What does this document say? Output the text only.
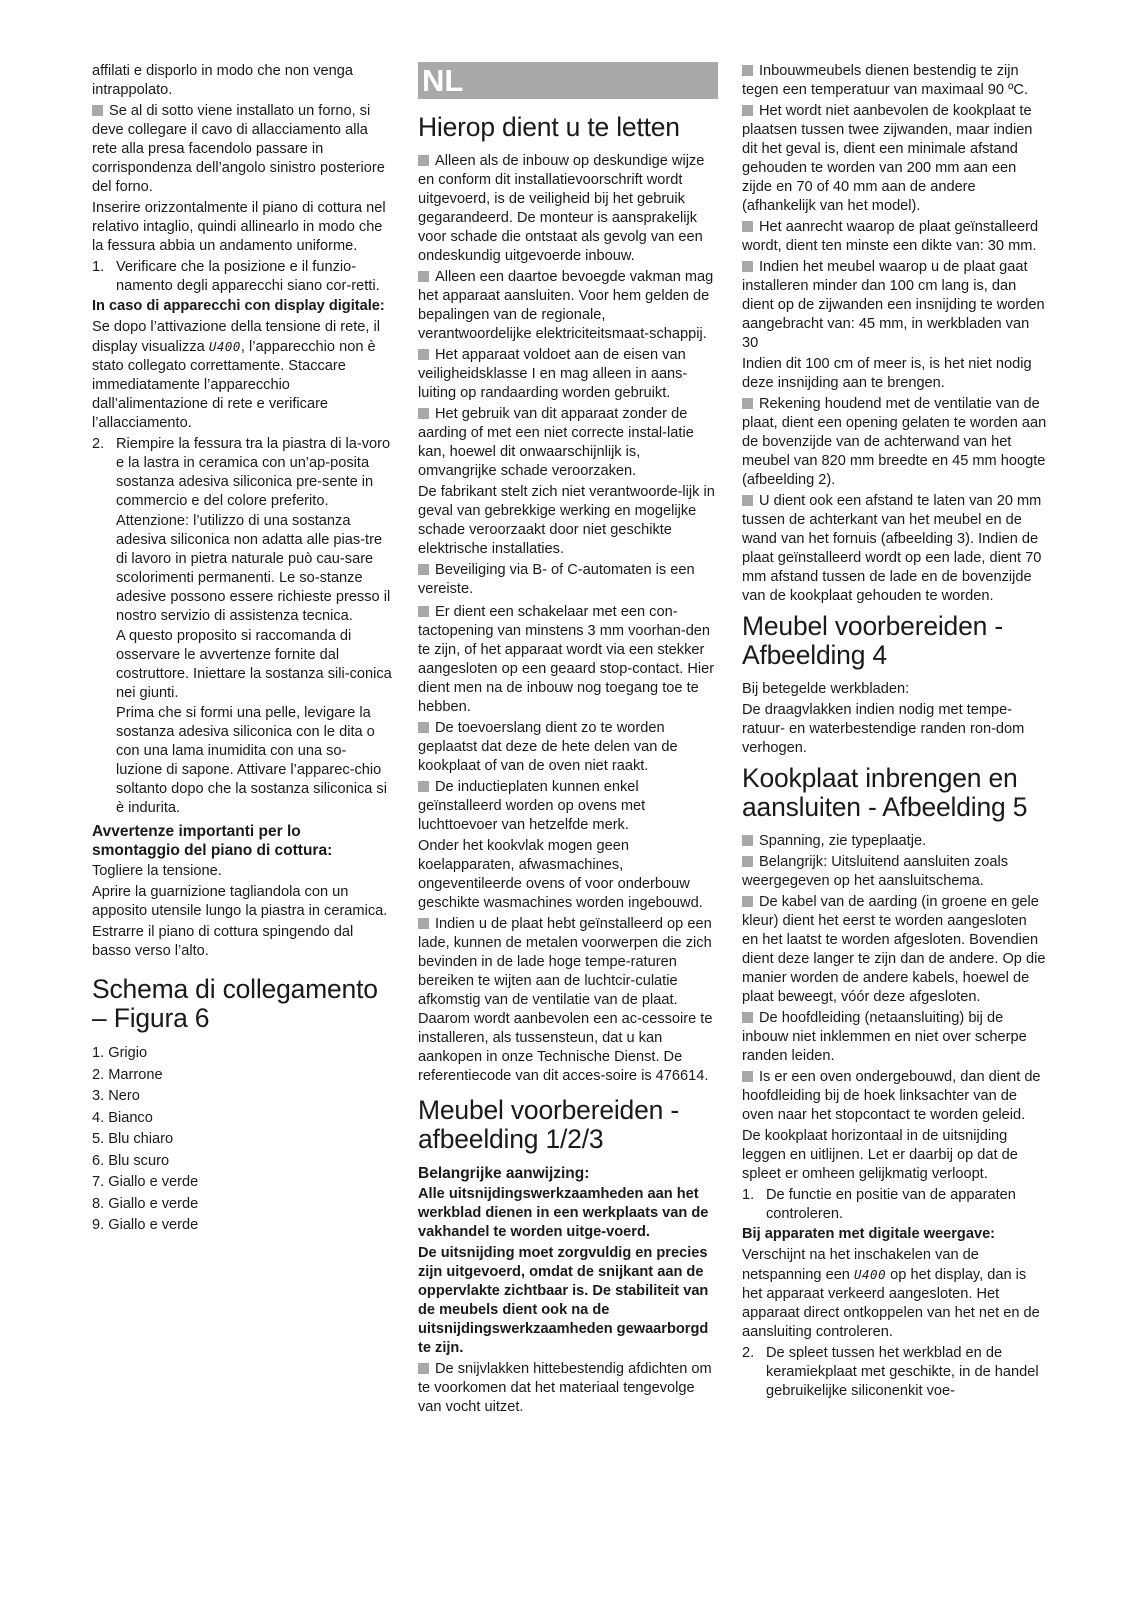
affilati e disporlo in modo che non venga intrappolato.

Se al di sotto viene installato un forno, si deve collegare il cavo di allacciamento alla rete alla presa facendolo passare in corrispondenza dell’angolo sinistro posteriore del forno.

Inserire orizzontalmente il piano di cottura nel relativo intaglio, quindi allinearlo in modo che la fessura abbia un andamento uniforme.

1. Verificare che la posizione e il funzio-namento degli apparecchi siano cor-retti.

In caso di apparecchi con display digitale:

Se dopo l’attivazione della tensione di rete, il display visualizza U400, l’apparecchio non è stato collegato correttamente. Staccare immediatamente l’apparecchio dall’alimentazione di rete e verificare l’allacciamento.

2. Riempire la fessura tra la piastra di la-voro e la lastra in ceramica con un’ap-posita sostanza adesiva siliconica pre-sente in commercio e del colore preferito.

Attenzione: l’utilizzo di una sostanza adesiva siliconica non adatta alle pias-tre di lavoro in pietra naturale può cau-sare scolorimenti permanenti. Le so-stanze adesive possono essere richieste presso il nostro servizio di assistenza tecnica.

A questo proposito si raccomanda di osservare le avvertenze fornite dal costruttore. Iniettare la sostanza sili-conica nei giunti.

Prima che si formi una pelle, levigare la sostanza adesiva siliconica con le dita o con una lama inumidita con una so-luzione di sapone. Attivare l’apparec-chio soltanto dopo che la sostanza siliconica si è indurita.

Avvertenze importanti per lo smontaggio del piano di cottura:

Togliere la tensione.

Aprire la guarnizione tagliandola con un apposito utensile lungo la piastra in ceramica.

Estrarre il piano di cottura spingendo dal basso verso l’alto.

Schema di collegamento – Figura 6

1. Grigio

2. Marrone

3. Nero

4. Bianco

5. Blu chiaro

6. Blu scuro

7. Giallo e verde

8. Giallo e verde

9. Giallo e verde

NL
Hierop dient u te letten

Alleen als de inbouw op deskundige wijze en conform dit installatievoorschrift wordt uitgevoerd, is de veiligheid bij het gebruik gegarandeerd. De monteur is aansprakelijk voor schade die ontstaat als gevolg van een ondeskundig uitgevoerde inbouw.

Alleen een daartoe bevoegde vakman mag het apparaat aansluiten. Voor hem gelden de bepalingen van de regionale, verantwoordelijke elektriciteitsmaat-schappij.

Het apparaat voldoet aan de eisen van veiligheidsklasse I en mag alleen in aans-luiting op randaarding worden gebruikt.

Het gebruik van dit apparaat zonder de aarding of met een niet correcte instal-latie kan, hoewel dit onwaarschijnlijk is, omvangrijke schade veroorzaken.

De fabrikant stelt zich niet verantwoorde-lijk in geval van gebrekkige werking en mogelijke schade veroorzaakt door niet geschikte elektrische installaties.

Beveiliging via B- of C-automaten is een vereiste.

Er dient een schakelaar met een con-tactopening van minstens 3 mm voorhan-den te zijn, of het apparaat wordt via een stekker aangesloten op een geaard stop-contact. Hier dient men na de inbouw nog toegang toe te hebben.

De toevoerslang dient zo te worden geplaatst dat deze de hete delen van de kookplaat of van de oven niet raakt.

De inductieplaten kunnen enkel geïnstalleerd worden op ovens met luchttoevoer van hetzelfde merk.

Onder het kookvlak mogen geen koelapparaten, afwasmachines, ongeventileerde ovens of voor onderbouw geschikte wasmachines worden ingebouwd.

Indien u de plaat hebt geïnstalleerd op een lade, kunnen de metalen voorwerpen die zich bevinden in de lade hoge tempe-raturen bereiken te wijten aan de luchtcir-culatie afkomstig van de ventilatie van de plaat. Daarom wordt aanbevolen een ac-cessoire te installeren, als tussensteun, dat u kan aankopen in onze Technische Dienst. De referentiecode van dit acces-soire is 476614.

Meubel voorbereiden - afbeelding 1/2/3
Belangrijke aanwijzing:

Alle uitsnijdingswerkzaamheden aan het werkblad dienen in een werkplaats van de vakhandel te worden uitge-voerd.

De uitsnijding moet zorgvuldig en precies zijn uitgevoerd, omdat de snijkant aan de oppervlakte zichtbaar is. De stabiliteit van de meubels dient ook na de uitsnijdingswerkzaamheden gewaarborgd te zijn.

De snijvlakken hittebestendig afdichten om te voorkomen dat het materiaal tengevolge van vocht uitzet.

Inbouwmeubels dienen bestendig te zijn tegen een temperatuur van maximaal 90 ºC.

Het wordt niet aanbevolen de kookplaat te plaatsen tussen twee zijwanden, maar indien dit het geval is, dient een minimale afstand gehouden te worden van 200 mm aan een zijde en 70 of 40 mm aan de andere (afhankelijk van het model).

Het aanrecht waarop de plaat geïnstalleerd wordt, dient ten minste een dikte van: 30 mm.

Indien het meubel waarop u de plaat gaat installeren minder dan 100 cm lang is, dan dient op de zijwanden een insnijding te worden aangebracht van: 45 mm, in werkbladen van 30

Indien dit 100 cm of meer is, is het niet nodig deze insnijding aan te brengen.

Rekening houdend met de ventilatie van de plaat, dient een opening gelaten te worden aan de bovenzijde van de achterwand van het meubel van 820 mm breedte en 45 mm hoogte (afbeelding 2).

U dient ook een afstand te laten van 20 mm tussen de achterkant van het meubel en de wand van het fornuis (afbeelding 3). Indien de plaat geïnstalleerd wordt op een lade, dient 70 mm afstand tussen de lade en de bovenzijde van de kookplaat gehouden te worden.

Meubel voorbereiden - Afbeelding 4

Bij betegelde werkbladen:

De draagvlakken indien nodig met tempe-ratuur- en waterbestendige randen ron-dom verhogen.

Kookplaat inbrengen en aansluiten - Afbeelding 5

Spanning, zie typeplaatje.

Belangrijk: Uitsluitend aansluiten zoals weergegeven op het aansluitschema.

De kabel van de aarding (in groene en gele kleur) dient het eerst te worden aangesloten en het laatst te worden afgesloten. Bovendien dient deze langer te zijn dan de andere. Op die manier worden de andere kabels, hoewel de plaat beweegt, vóór deze afgesloten.

De hoofdleiding (netaansluiting) bij de inbouw niet inklemmen en niet over scherpe randen leiden.

Is er een oven ondergebouwd, dan dient de hoofdleiding bij de hoek linksachter van de oven naar het stopcontact te worden geleid.

De kookplaat horizontaal in de uitsnijding leggen en uitlijnen. Let er daarbij op dat de spleet er omheen gelijkmatig verloopt.

1. De functie en positie van de apparaten controleren.

Bij apparaten met digitale weergave:

Verschijnt na het inschakelen van de netspanning een U400 op het display, dan is het apparaat verkeerd aangesloten. Het apparaat direct ontkoppelen van het net en de aansluiting controleren.

2. De spleet tussen het werkblad en de keramiekplaat met geschikte, in de handel gebruikelijke siliconenkit voe-
